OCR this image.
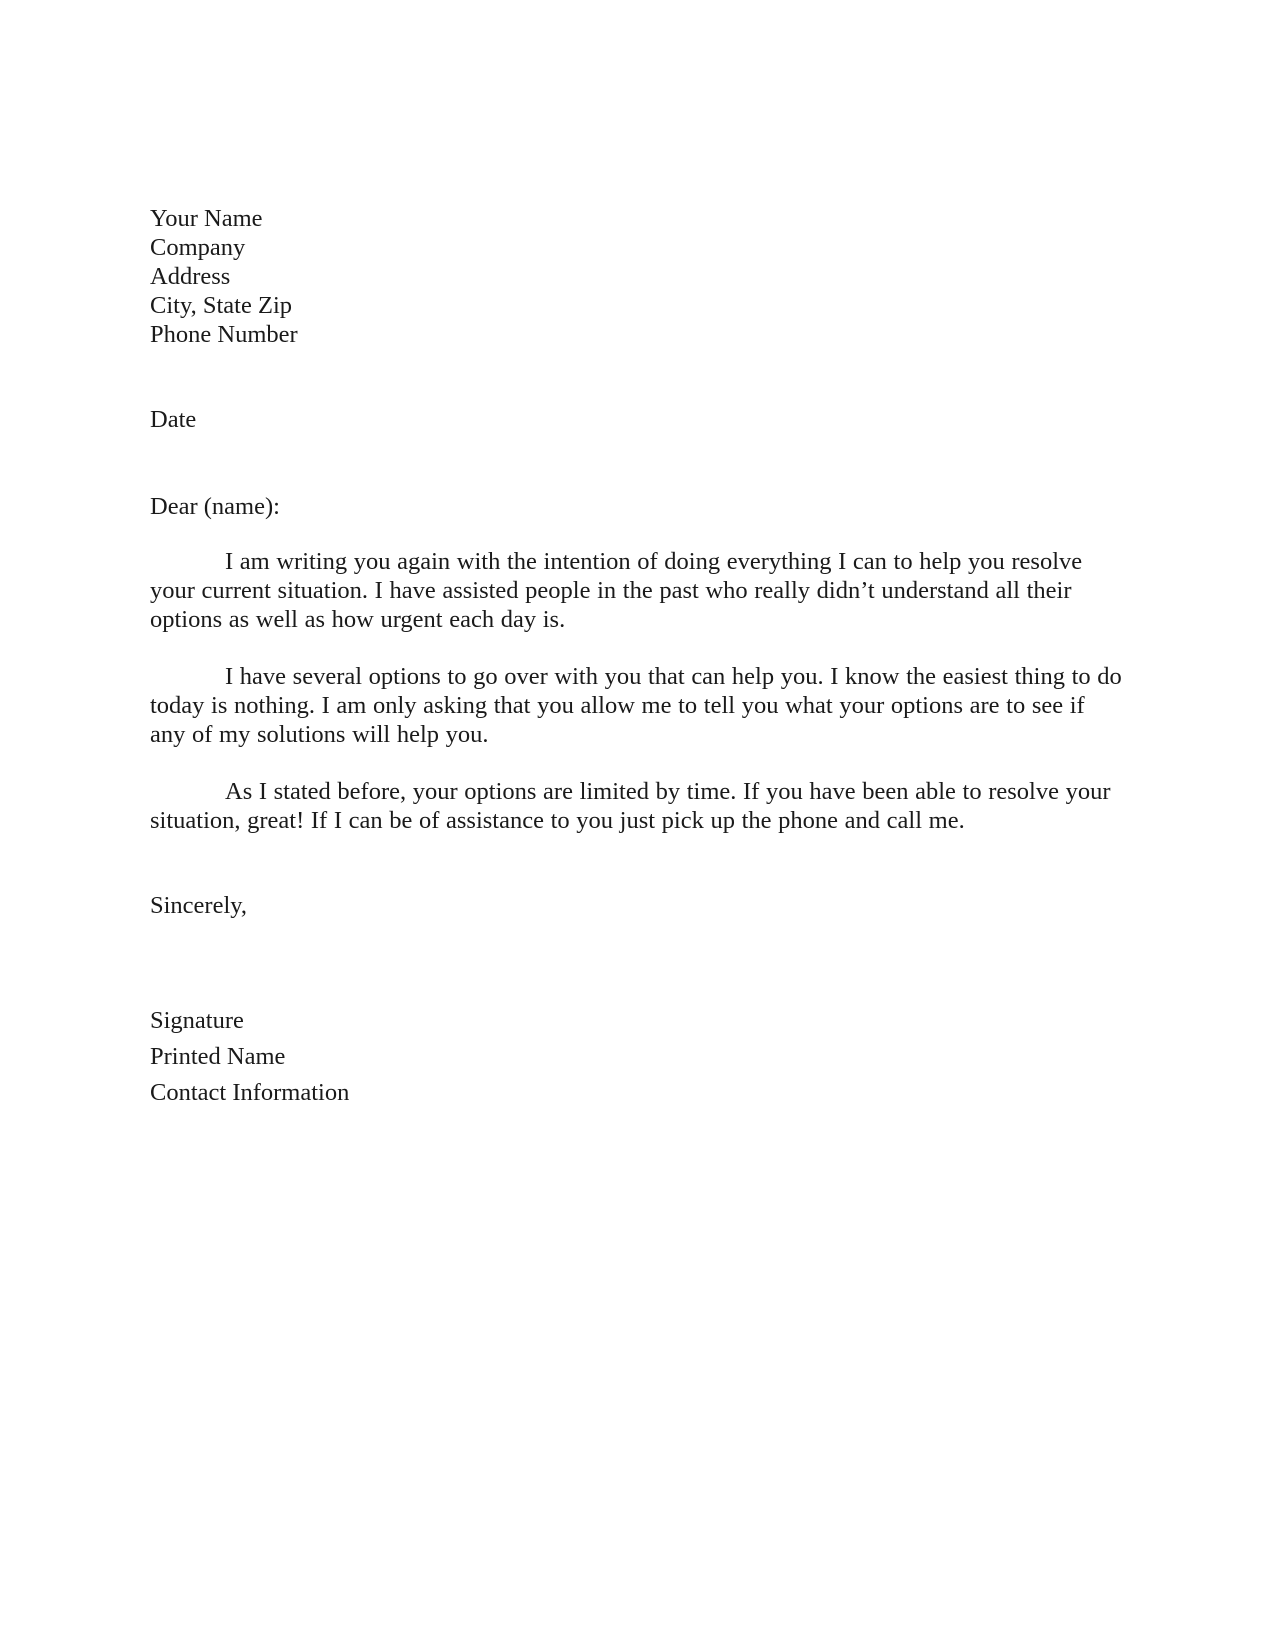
Your Name
Company
Address
City, State Zip
Phone Number
Date
Dear (name):

I am writing you again with the intention of doing everything I can to help you resolve your current situation. I have assisted people in the past who really didn’t understand all their options as well as how urgent each day is.

I have several options to go over with you that can help you. I know the easiest thing to do today is nothing. I am only asking that you allow me to tell you what your options are to see if any of my solutions will help you.

As I stated before, your options are limited by time. If you have been able to resolve your situation, great! If I can be of assistance to you just pick up the phone and call me.

Sincerely,
Signature
Printed Name
Contact Information
